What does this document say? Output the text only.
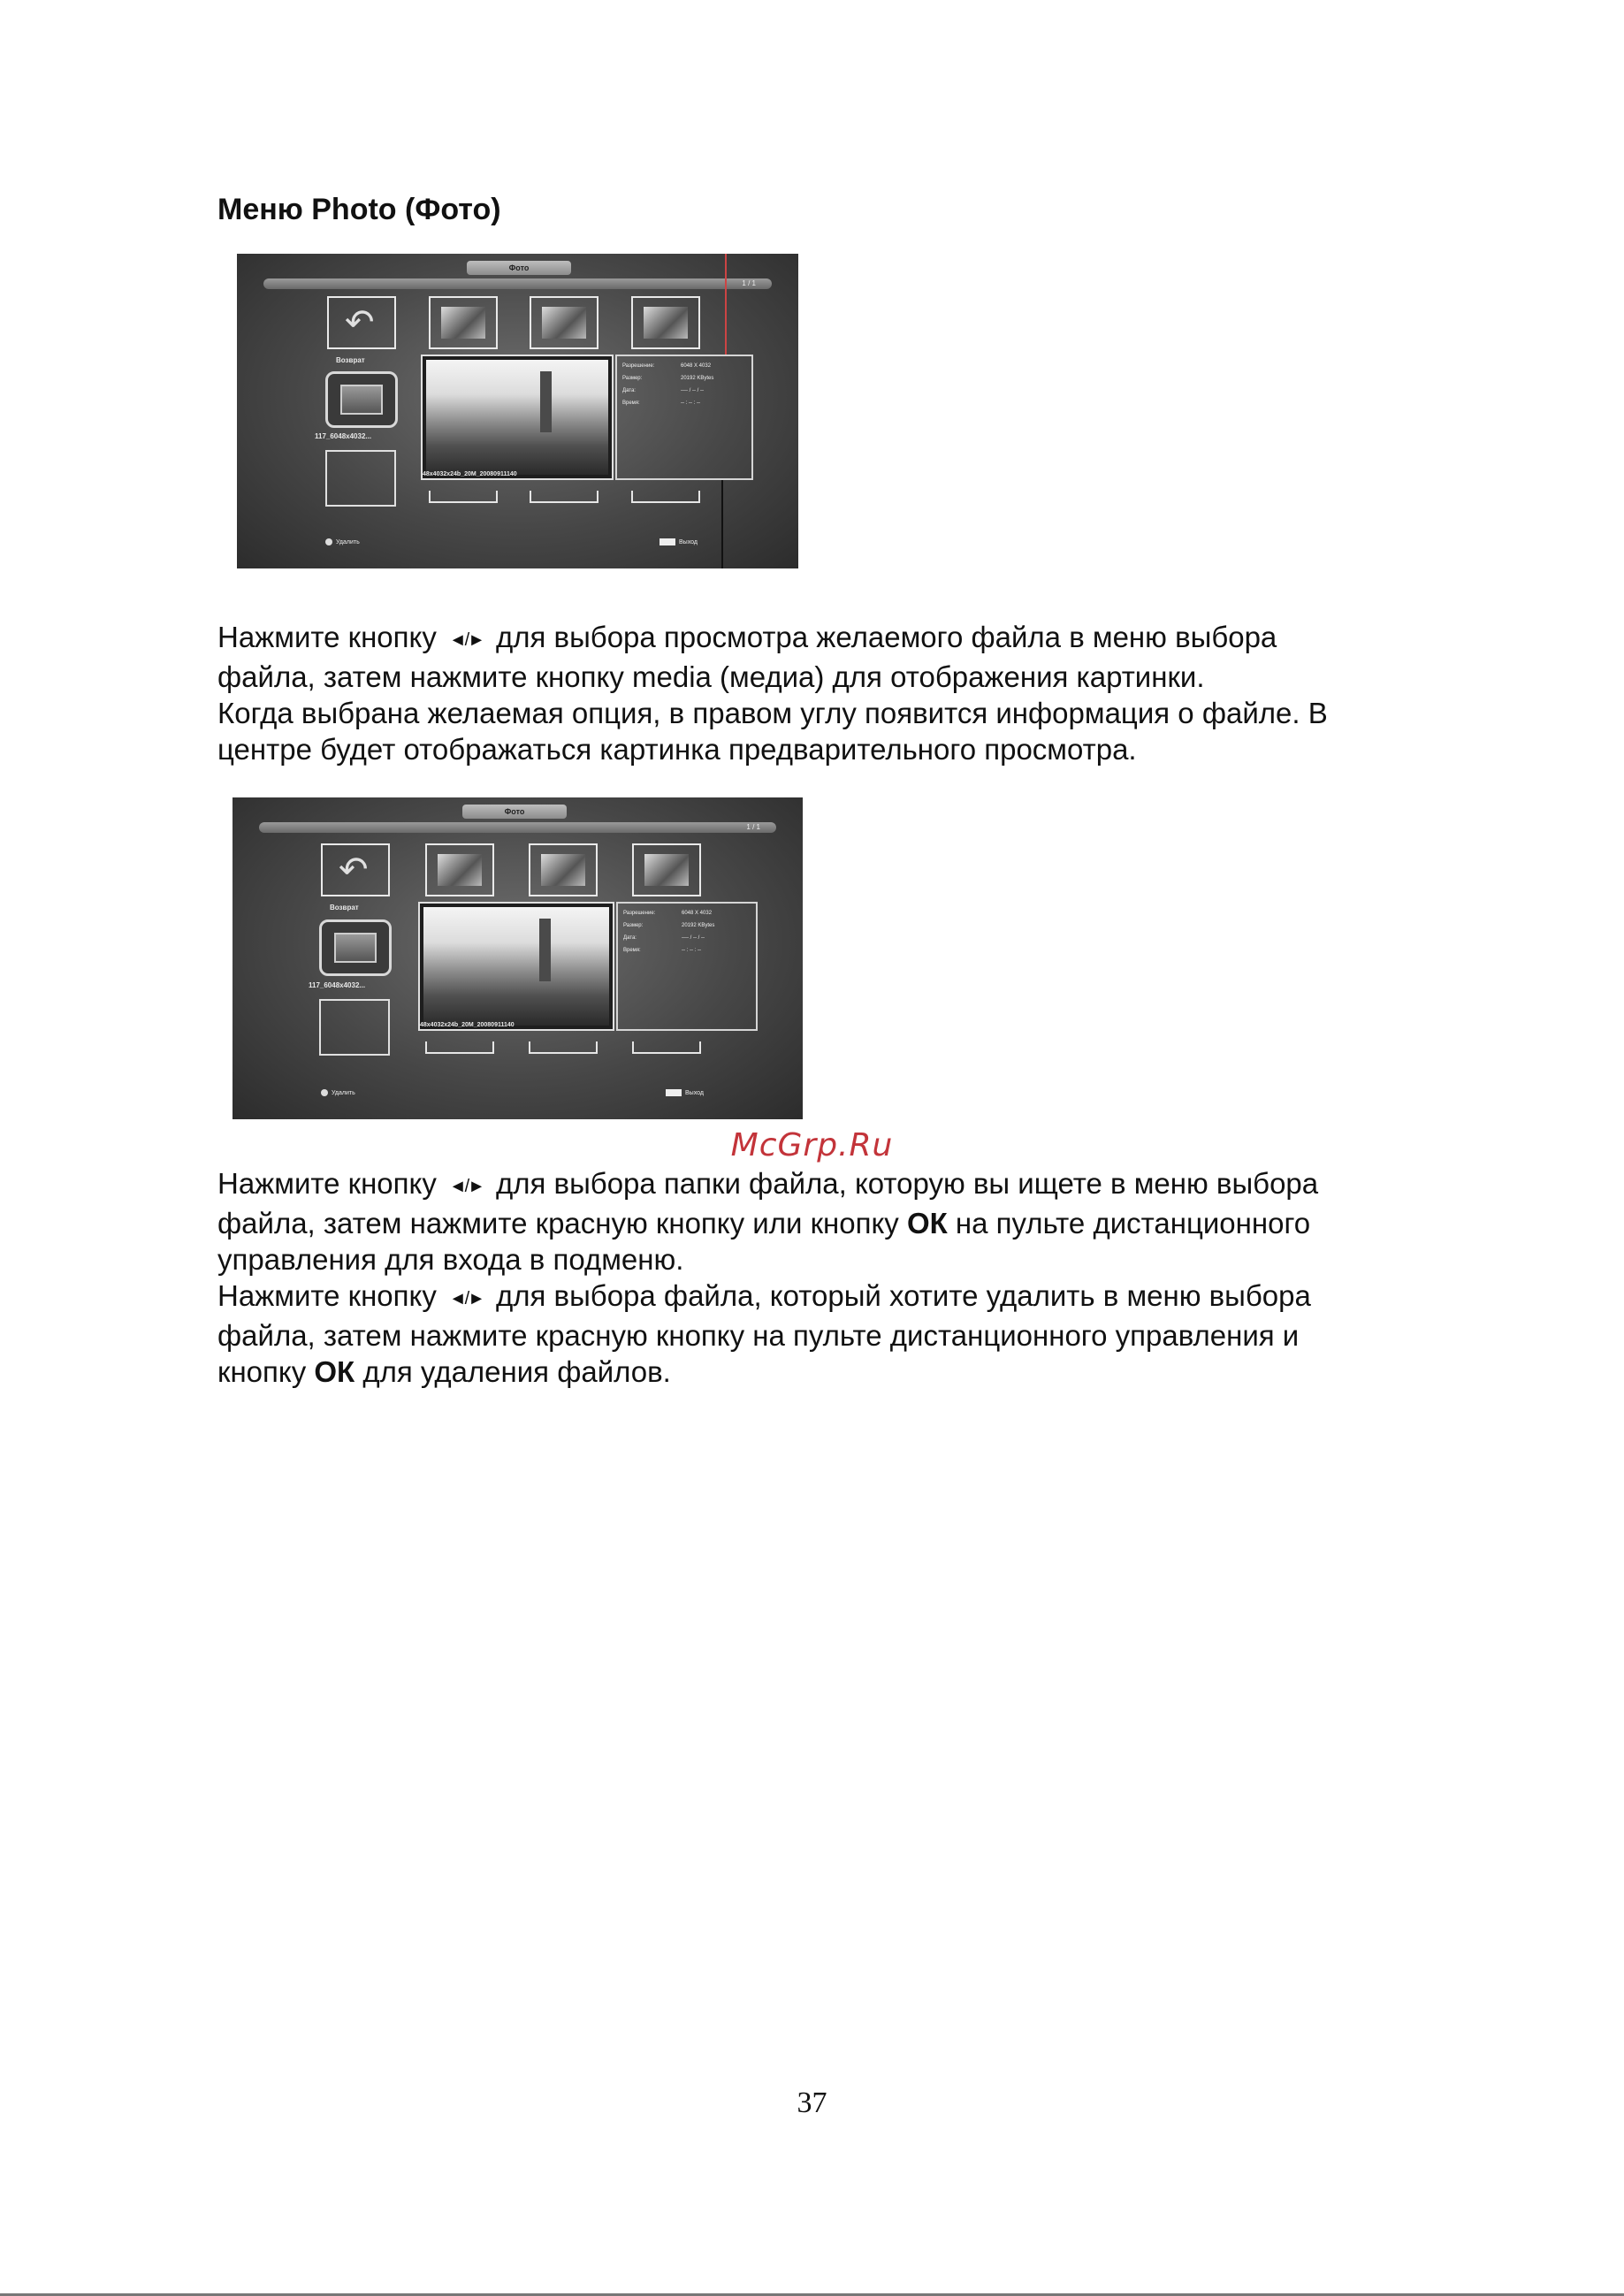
Меню Photo (Фото)
Фото
1 / 1
↶
Возврат
117_6048x4032...
48x4032x24b_20M_20080911140
Разрешение:	6048 X 4032
Размер:	20192 KBytes
Дата:	---- / -- / --
Время:	-- : -- : --
Удалить	Выход

Нажмите кнопку ◄/► для выбора просмотра желаемого файла в меню выбора
файла, затем нажмите кнопку media (медиа) для отображения картинки.
Когда выбрана желаемая опция, в правом углу появится информация о файле. В
центре будет отображаться картинка предварительного просмотра.

Фото
1 / 1
↶
Возврат
117_6048x4032...
48x4032x24b_20M_20080911140
Разрешение:	6048 X 4032
Размер:	20192 KBytes
Дата:	---- / -- / --
Время:	-- : -- : --
Удалить	Выход
McGrp.Ru

Нажмите кнопку ◄/► для выбора папки файла, которую вы ищете в меню выбора
файла, затем нажмите красную кнопку или кнопку ОК на пульте дистанционного
управления для входа в подменю.
Нажмите кнопку ◄/► для выбора файла, который хотите удалить в меню выбора
файла, затем нажмите красную кнопку на пульте дистанционного управления и
кнопку ОК для удаления файлов.

37
